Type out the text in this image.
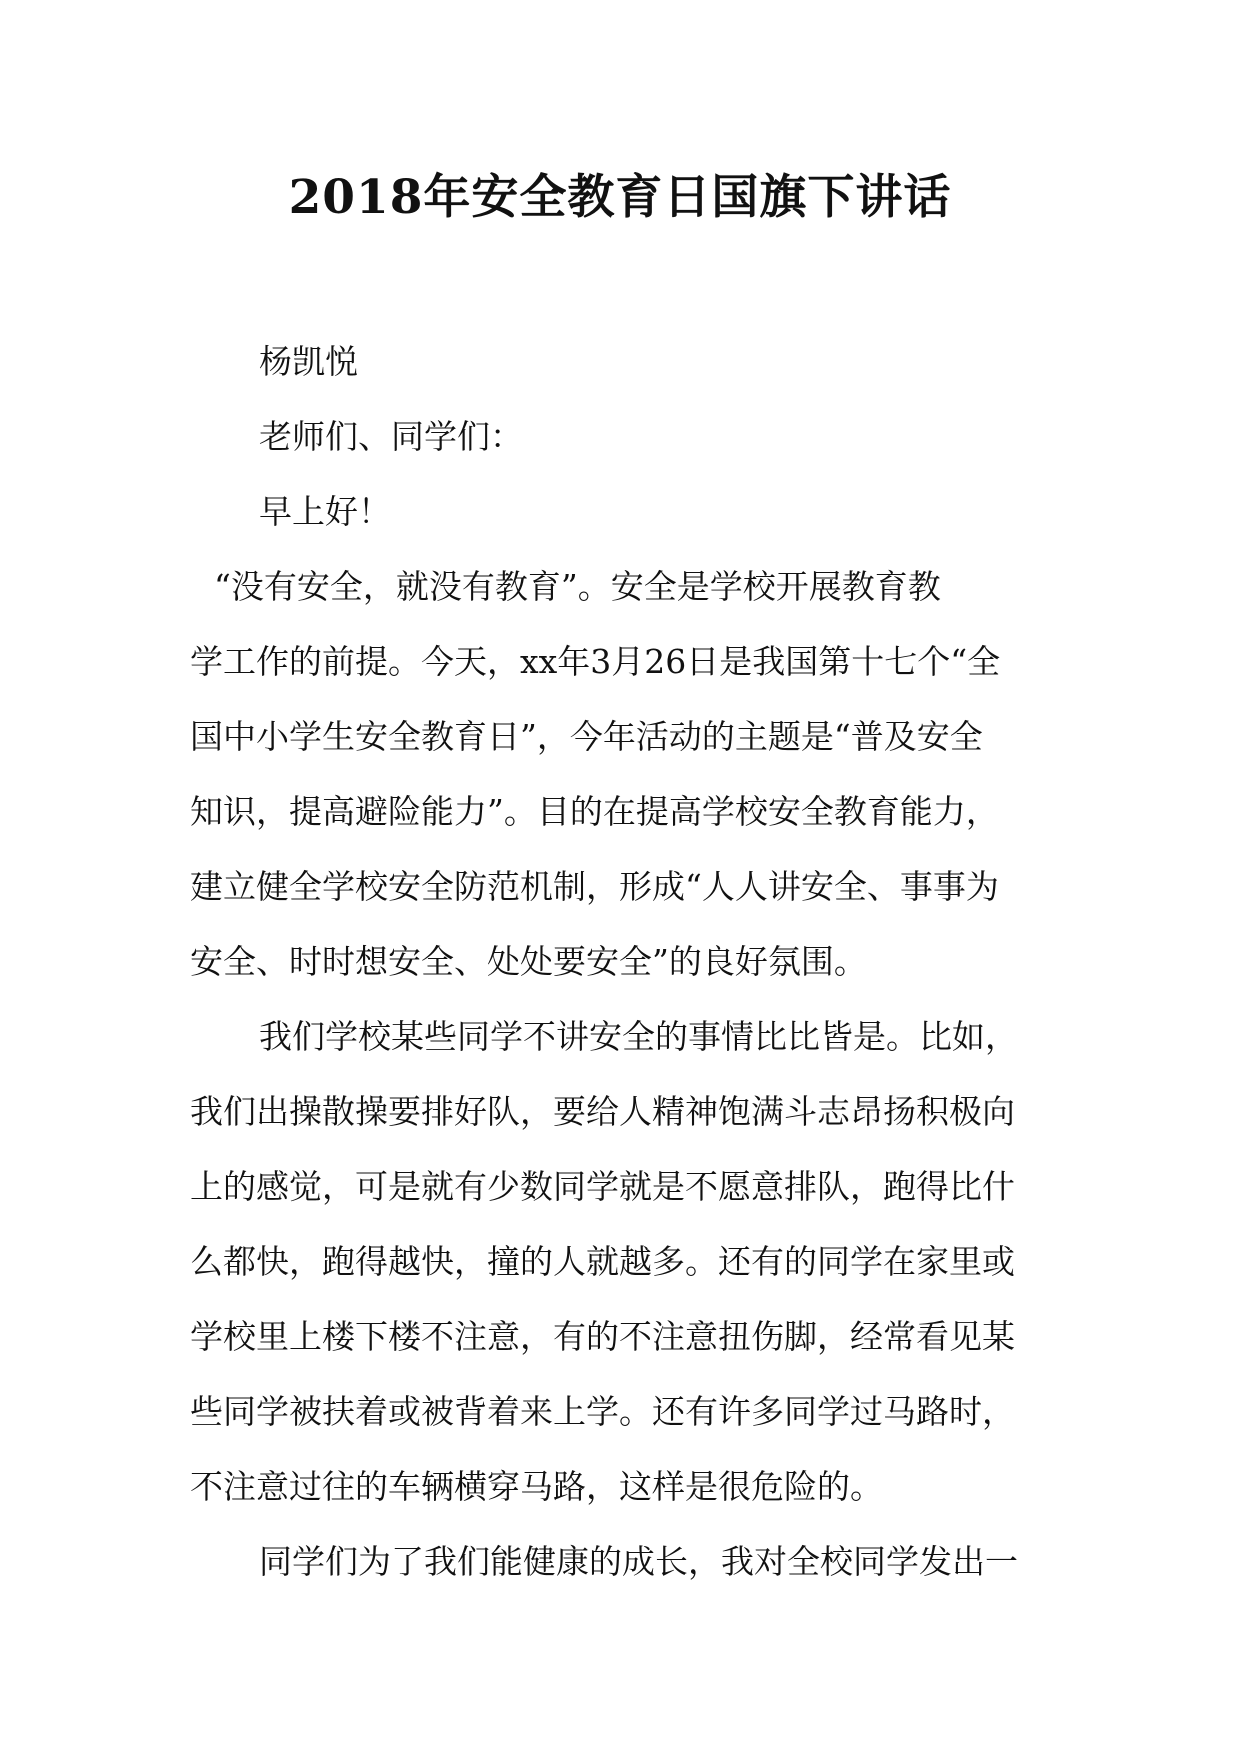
2018年安全教育日国旗下讲话
杨凯悦
老师们、同学们：
早上好！
“没有安全，就没有教育”。安全是学校开展教育教
学工作的前提。今天，xx年3月26日是我国第十七个“全
国中小学生安全教育日”，今年活动的主题是“普及安全
知识，提高避险能力”。目的在提高学校安全教育能力，
建立健全学校安全防范机制，形成“人人讲安全、事事为
安全、时时想安全、处处要安全”的良好氛围。
我们学校某些同学不讲安全的事情比比皆是。比如，
我们出操散操要排好队，要给人精神饱满斗志昂扬积极向
上的感觉，可是就有少数同学就是不愿意排队，跑得比什
么都快，跑得越快，撞的人就越多。还有的同学在家里或
学校里上楼下楼不注意，有的不注意扭伤脚，经常看见某
些同学被扶着或被背着来上学。还有许多同学过马路时，
不注意过往的车辆横穿马路，这样是很危险的。
同学们为了我们能健康的成长，我对全校同学发出一
